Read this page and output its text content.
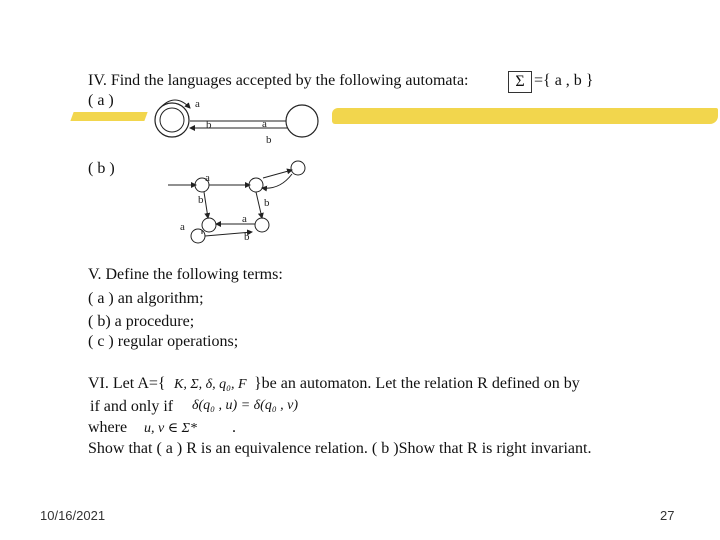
IV. Find the languages accepted by the following automata:	Σ ={ a , b }
( a )	a
b	a
b
( b )
a
b	b
a
a
b
V. Define the following terms:
( a ) an algorithm;
( b) a procedure;
( c ) regular operations;
VI. Let A={ K, Σ, δ, q₀, F }be an automaton. Let the relation R defined on by
if and only if δ(q₀ , u) = δ(q₀ , v)
where u, v ∈ Σ* .
Show that ( a ) R is an equivalence relation. ( b )Show that R is right invariant.
10/16/2021	27
